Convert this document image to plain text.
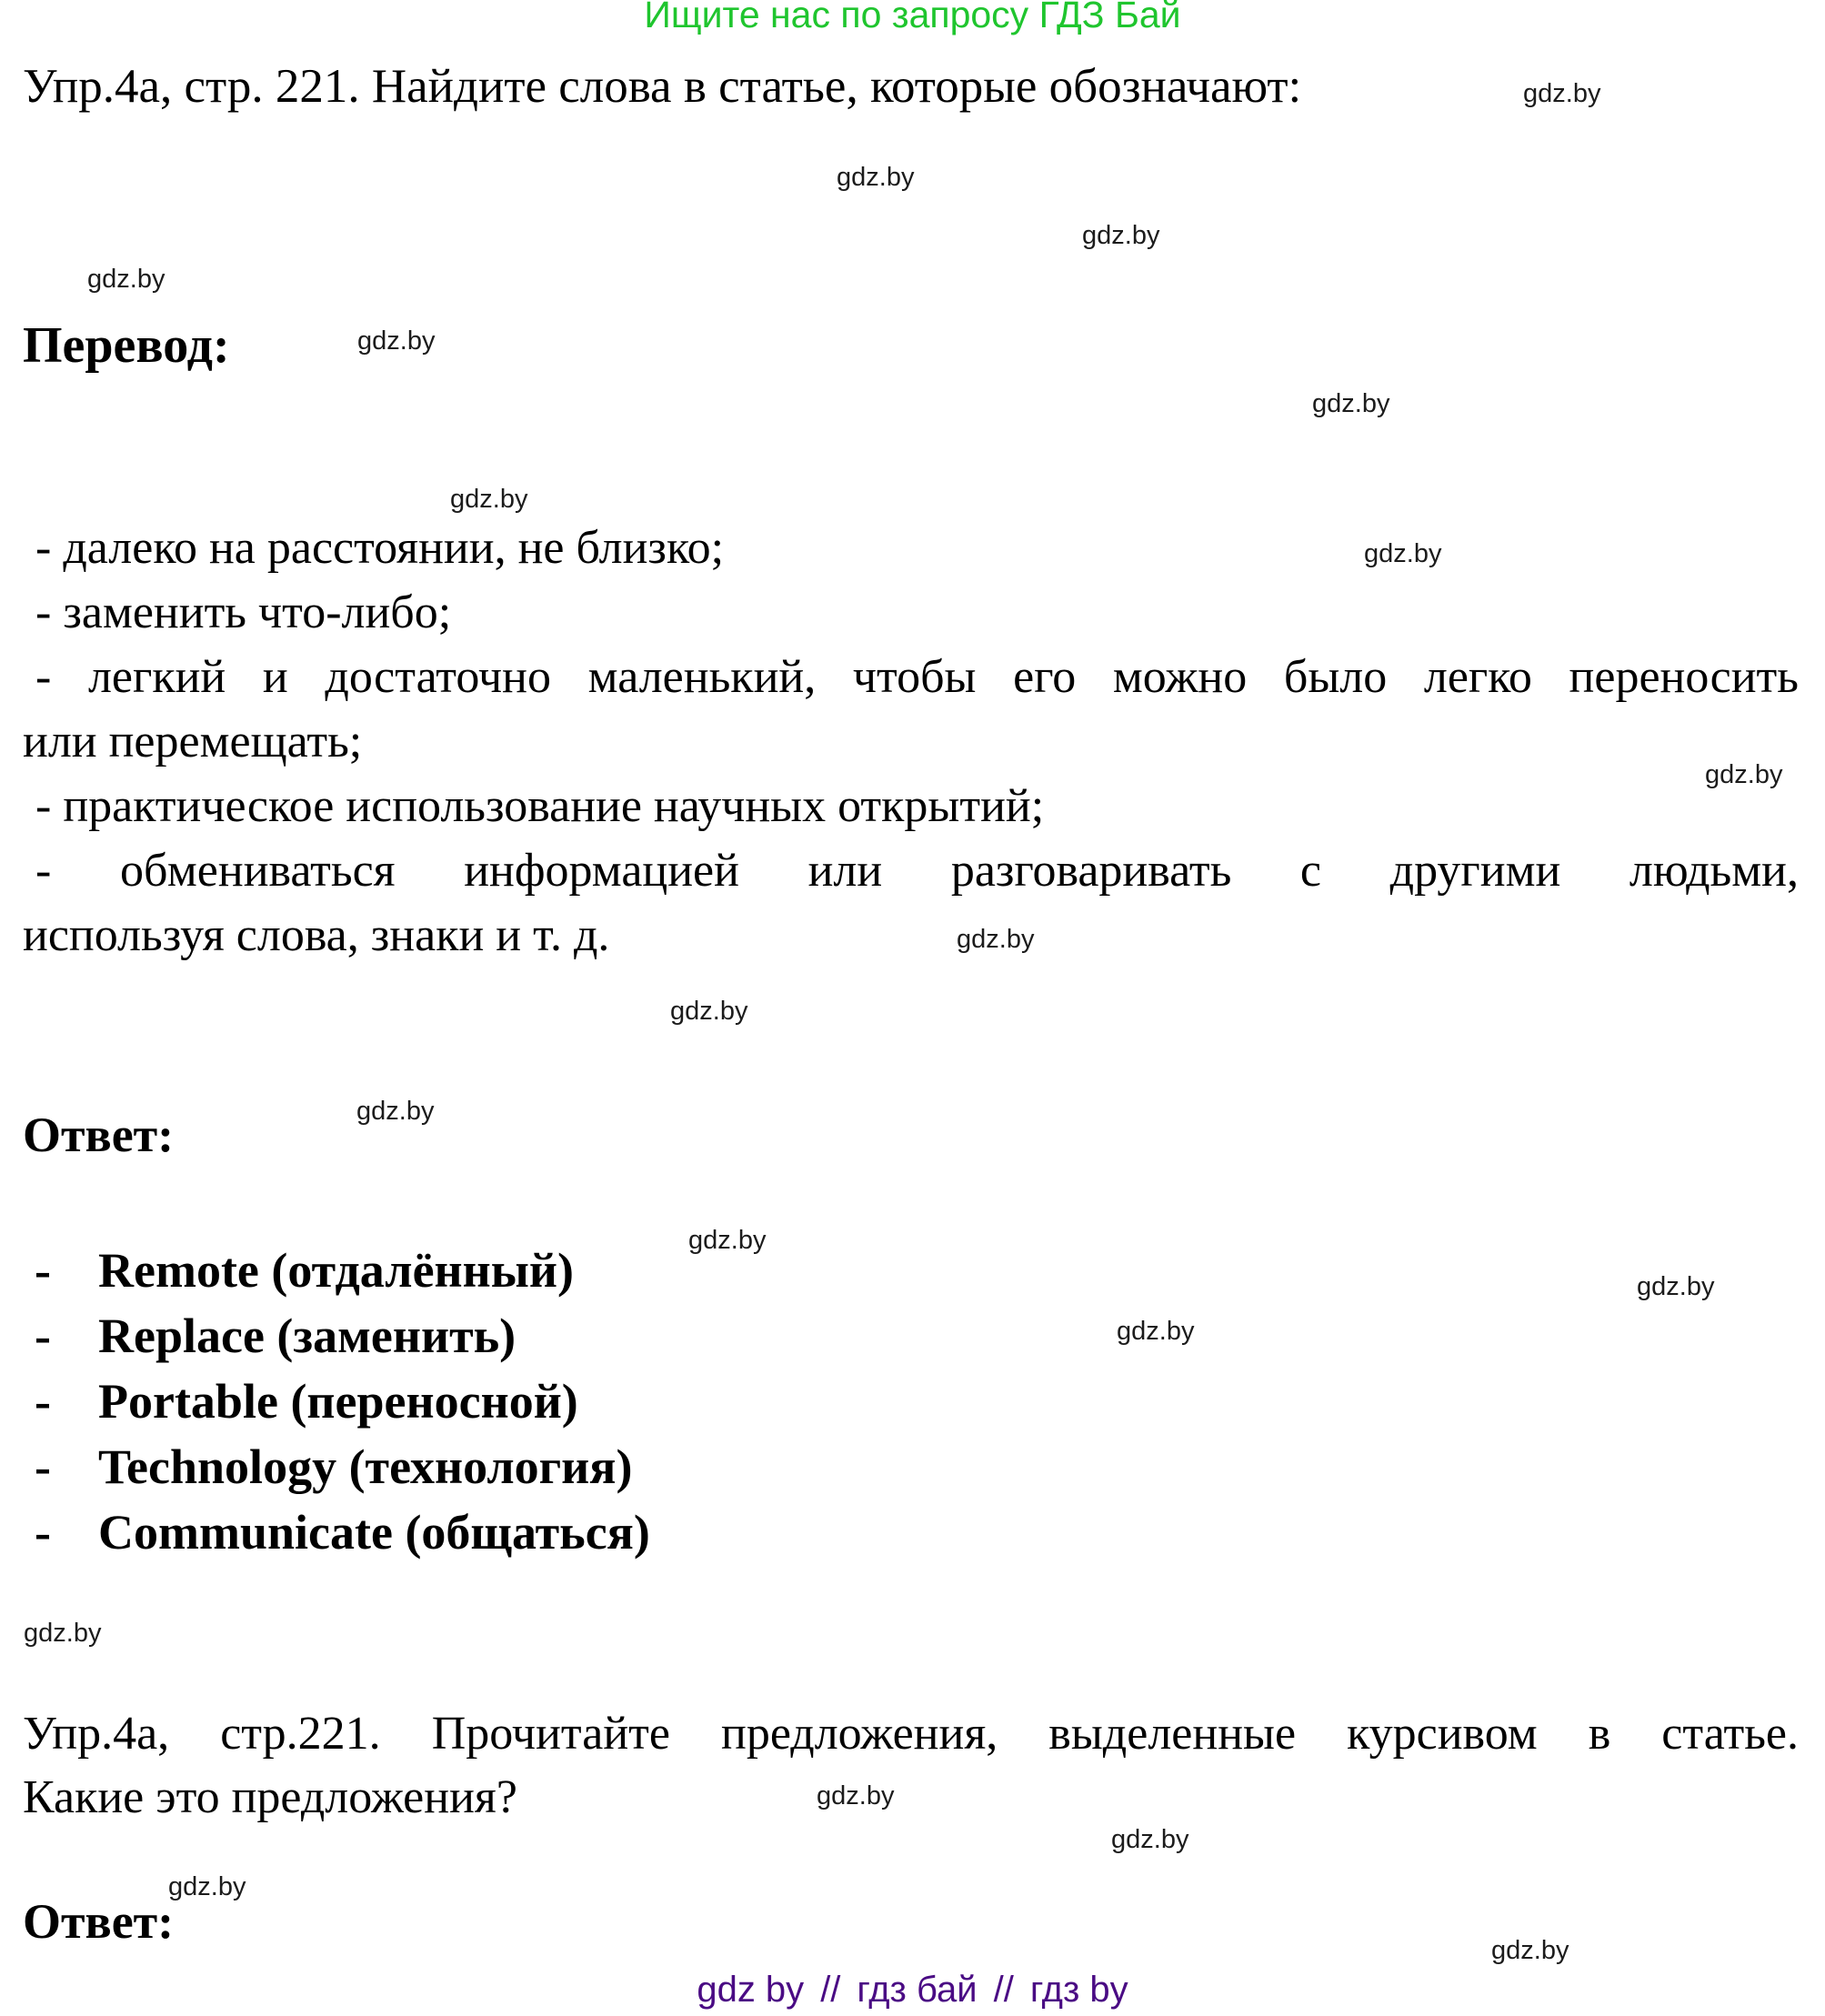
Ищите нас по запросу ГДЗ Бай
Упр.4а, стр. 221. Найдите слова в статье, которые обозначают:
Перевод:
- далеко на расстоянии, не близко;
- заменить что-либо;
- легкий и достаточно маленький, чтобы его можно было легко переносить
или перемещать;
- практическое использование научных открытий;
- обмениваться информацией или разговаривать с другими людьми,
используя слова, знаки и т. д.
Ответ:
- Remote (отдалённый)
- Replace (заменить)
- Portable (переносной)
- Technology (технология)
- Communicate (общаться)
Упр.4а, стр.221. Прочитайте предложения, выделенные курсивом в статье.
Какие это предложения?
Ответ:
gdz by // гдз бай // гдз by
gdz.by
gdz.by
gdz.by
gdz.by
gdz.by
gdz.by
gdz.by
gdz.by
gdz.by
gdz.by
gdz.by
gdz.by
gdz.by
gdz.by
gdz.by
gdz.by
gdz.by
gdz.by
gdz.by
gdz.by
